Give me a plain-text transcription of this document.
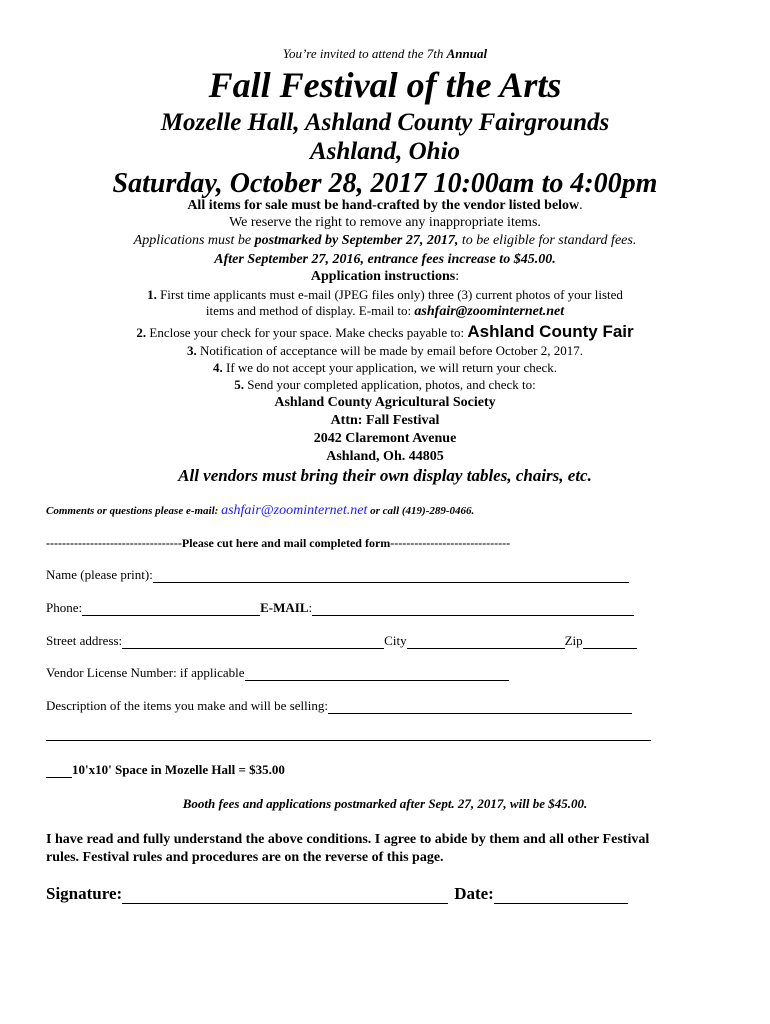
You’re invited to attend the 7th Annual
Fall Festival of the Arts
Mozelle Hall, Ashland County Fairgrounds
Ashland, Ohio
Saturday, October 28, 2017 10:00am to 4:00pm
All items for sale must be hand-crafted by the vendor listed below.
We reserve the right to remove any inappropriate items.
Applications must be postmarked by September 27, 2017, to be eligible for standard fees.
After September 27, 2016, entrance fees increase to $45.00.
Application instructions:
1. First time applicants must e-mail (JPEG files only) three (3) current photos of your listed
items and method of display. E-mail to: ashfair@zoominternet.net
2. Enclose your check for your space. Make checks payable to: Ashland County Fair
3. Notification of acceptance will be made by email before October 2, 2017.
4. If we do not accept your application, we will return your check.
5. Send your completed application, photos, and check to:
Ashland County Agricultural Society
Attn: Fall Festival
2042 Claremont Avenue
Ashland, Oh. 44805
All vendors must bring their own display tables, chairs, etc.
Comments or questions please e-mail: ashfair@zoominternet.net or call (419)-289-0466.
----------------------------------Please cut here and mail completed form------------------------------
Name (please print):
Phone:	E-MAIL :
Street address:	City	Zip
Vendor License Number: if applicable
Description of the items you make and will be selling:
10'x10' Space in Mozelle Hall = $35.00
Booth fees and applications postmarked after Sept. 27, 2017, will be $45.00.
I have read and fully understand the above conditions. I agree to abide by them and all other Festival rules. Festival rules and procedures are on the reverse of this page.
Signature:	Date:
